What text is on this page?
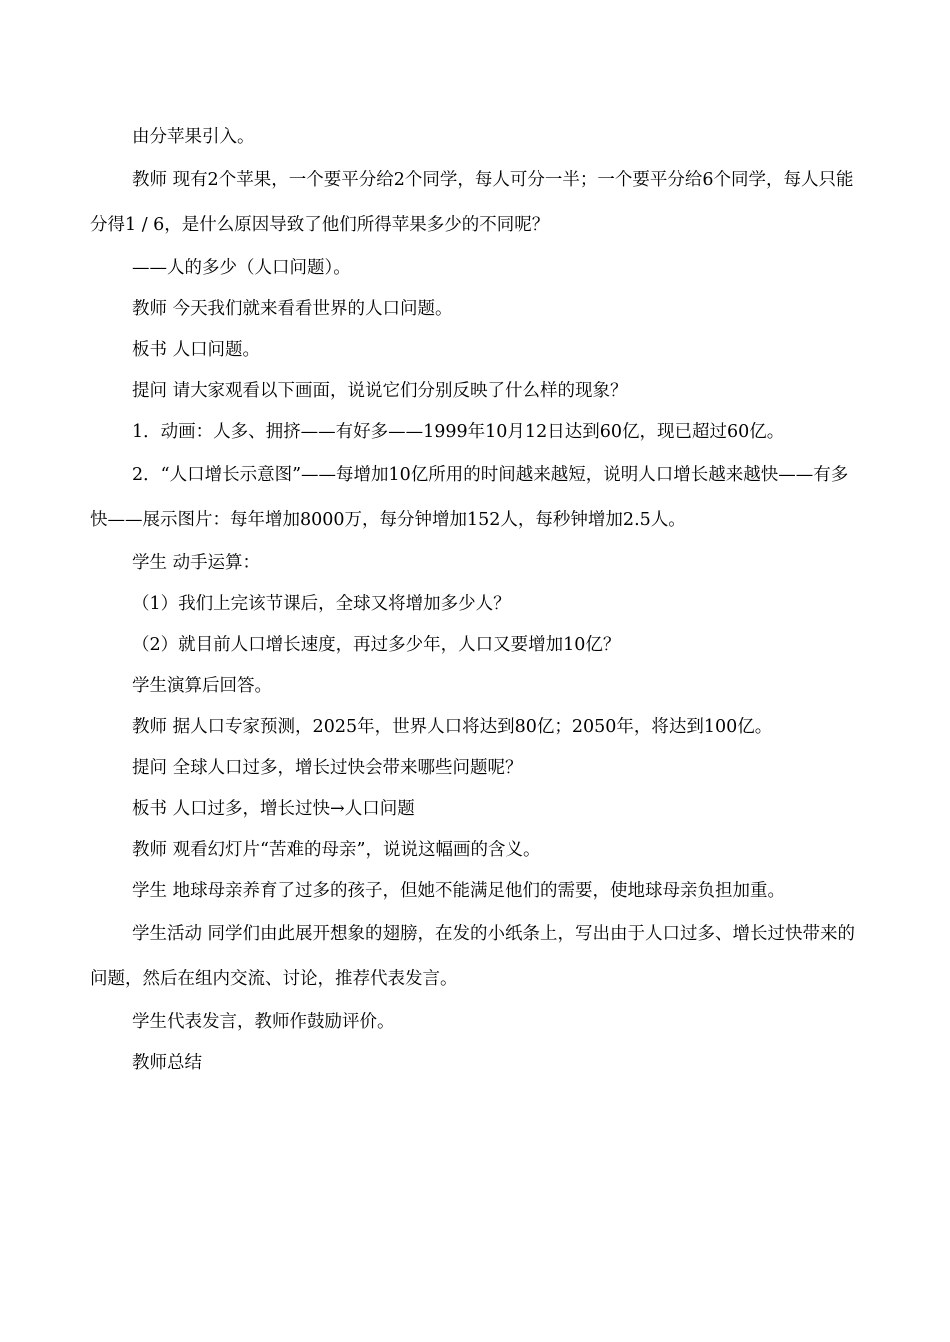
由分苹果引入。

教师 现有2个苹果，一个要平分给2个同学，每人可分一半；一个要平分给6个同学，每人只能分得1 / 6，是什么原因导致了他们所得苹果多少的不同呢？

——人的多少（人口问题）。

教师 今天我们就来看看世界的人口问题。

板书 人口问题。

提问 请大家观看以下画面，说说它们分别反映了什么样的现象？

1．动画：人多、拥挤——有好多——1999年10月12日达到60亿，现已超过60亿。

2．“人口增长示意图”——每增加10亿所用的时间越来越短，说明人口增长越来越快——有多快——展示图片：每年增加8000万，每分钟增加152人，每秒钟增加2.5人。

学生 动手运算：

（1）我们上完该节课后，全球又将增加多少人？

（2）就目前人口增长速度，再过多少年，人口又要增加10亿？

学生演算后回答。

教师 据人口专家预测，2025年，世界人口将达到80亿；2050年，将达到100亿。

提问 全球人口过多，增长过快会带来哪些问题呢？

板书 人口过多，增长过快→人口问题

教师 观看幻灯片“苦难的母亲”，说说这幅画的含义。

学生 地球母亲养育了过多的孩子，但她不能满足他们的需要，使地球母亲负担加重。

学生活动 同学们由此展开想象的翅膀，在发的小纸条上，写出由于人口过多、增长过快带来的问题，然后在组内交流、讨论，推荐代表发言。

学生代表发言，教师作鼓励评价。

教师总结
